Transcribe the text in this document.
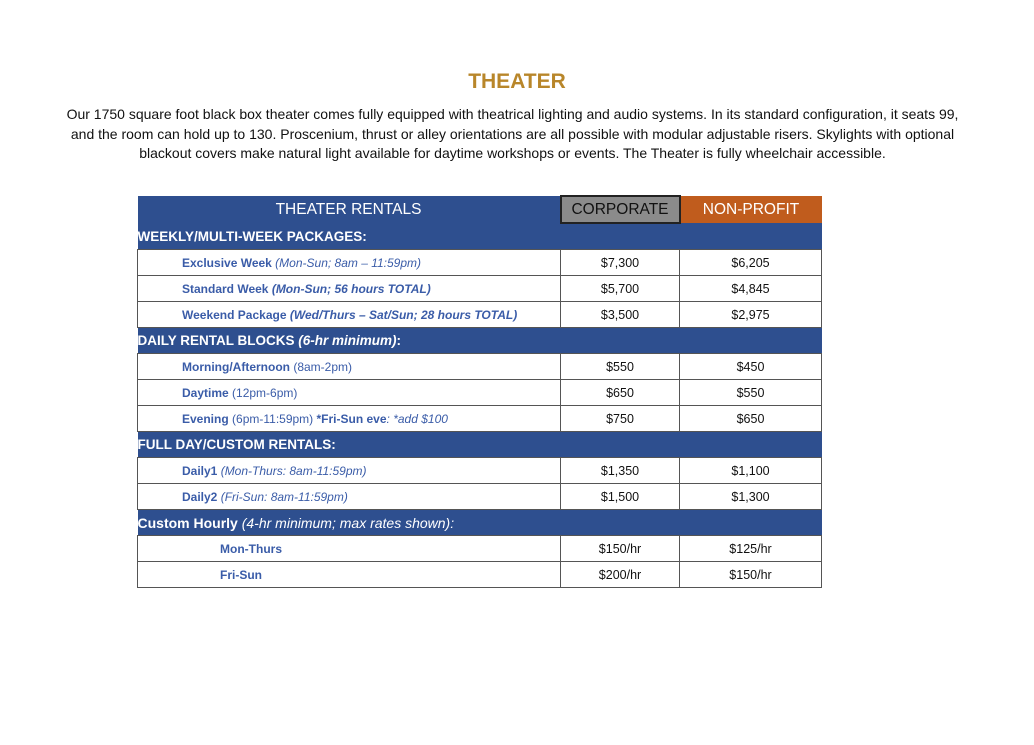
THEATER
Our 1750 square foot black box theater comes fully equipped with theatrical lighting and audio systems. In its standard configuration, it seats 99, and the room can hold up to 130. Proscenium, thrust or alley orientations are all possible with modular adjustable risers. Skylights with optional blackout covers make natural light available for daytime workshops or events. The Theater is fully wheelchair accessible.
THEATER RENTALS	CORPORATE	NON-PROFIT
WEEKLY/MULTI-WEEK PACKAGES:		
Exclusive Week (Mon-Sun; 8am – 11:59pm)	$7,300	$6,205
Standard Week (Mon-Sun; 56 hours TOTAL)	$5,700	$4,845
Weekend Package (Wed/Thurs – Sat/Sun; 28 hours TOTAL)	$3,500	$2,975
DAILY RENTAL BLOCKS (6-hr minimum):		
Morning/Afternoon (8am-2pm)	$550	$450
Daytime (12pm-6pm)	$650	$550
Evening (6pm-11:59pm) *Fri-Sun eve: *add $100	$750	$650
FULL DAY/CUSTOM RENTALS:		
Daily1 (Mon-Thurs: 8am-11:59pm)	$1,350	$1,100
Daily2 (Fri-Sun: 8am-11:59pm)	$1,500	$1,300
Custom Hourly (4-hr minimum; max rates shown):		
Mon-Thurs	$150/hr	$125/hr
Fri-Sun	$200/hr	$150/hr
